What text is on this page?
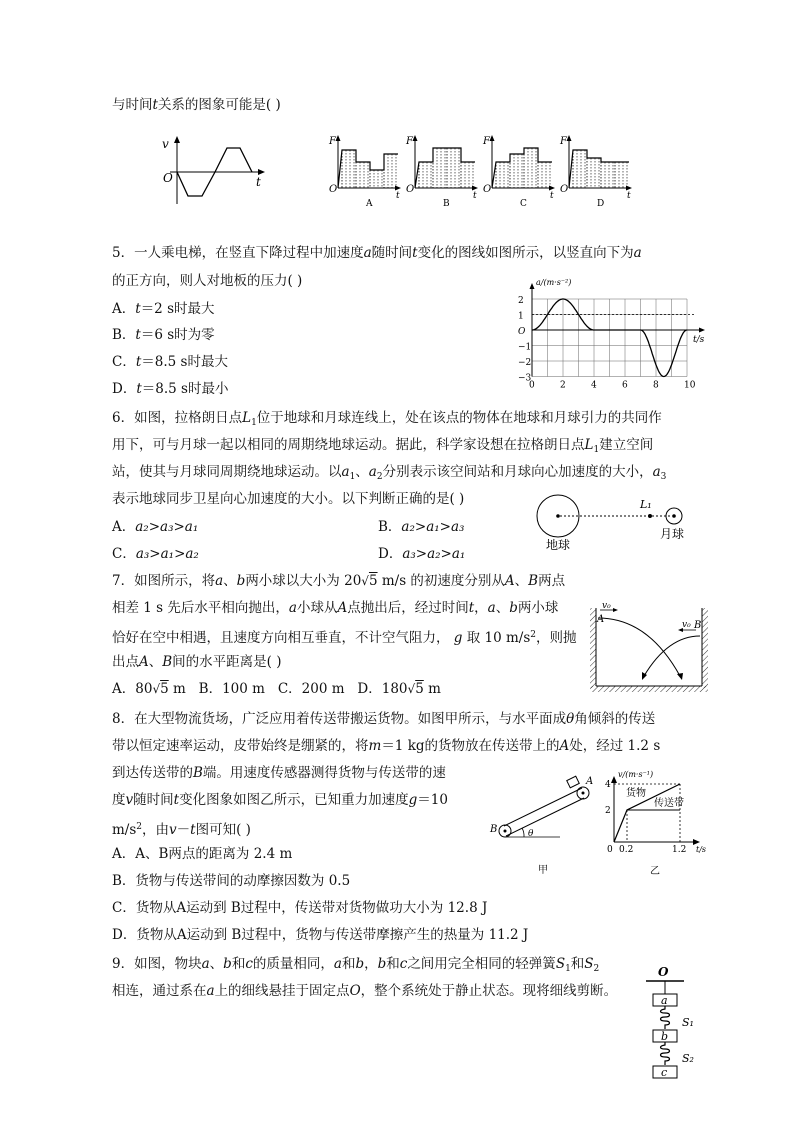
与时间t关系的图象可能是( )
v
O	t
F
O
t
A
F
O
t
B
F
O
t
C
F
O
t
D
5．一人乘电梯，在竖直下降过程中加速度a随时间t变化的图线如图所示，以竖直向下为a
的正方向，则人对地板的压力( )
A．t＝2 s时最大
B．t＝6 s时为零
C．t＝8.5 s时最大
D．t＝8.5 s时最小
2
1
O
−1
−2
−3
0	2	4	6	8	10
a/(m·s⁻²)
t/s
6．如图，拉格朗日点$L_1$位于地球和月球连线上，处在该点的物体在地球和月球引力的共同作
用下，可与月球一起以相同的周期绕地球运动。据此，科学家设想在拉格朗日点$L_1$建立空间
站，使其与月球同周期绕地球运动。以$a_1$、$a_2$分别表示该空间站和月球向心加速度的大小，$a_3$
表示地球同步卫星向心加速度的大小。以下判断正确的是( )
A．a₂>a₃>a₁	B．a₂>a₁>a₃
C．a₃>a₁>a₂	D．a₃>a₂>a₁
L₁
地球
月球
7．如图所示，将a、b两小球以大小为 20√5 m/s 的初速度分别从A、B两点
相差 1 s 先后水平相向抛出，a小球从A点抛出后，经过时间t，a、b两小球
恰好在空中相遇，且速度方向相互垂直，不计空气阻力， g 取 10 $m/s^2$，则抛
出点A、B间的水平距离是( )
A．80√5 m B．100 m C．200 m D．180√5 m
v₀
A	v₀ B
8．在大型物流货场，广泛应用着传送带搬运货物。如图甲所示，与水平面成θ角倾斜的传送
带以恒定速率运动，皮带始终是绷紧的，将m＝1 kg的货物放在传送带上的A处，经过 1.2 s
到达传送带的B端。用速度传感器测得货物与传送带的速
度v随时间t变化图象如图乙所示，已知重力加速度g＝10
$m/s^2$，由v－t图可知( )
A．A、B两点的距离为 2.4 m
B．货物与传送带间的动摩擦因数为 0.5
C．货物从A运动到 B过程中，传送带对货物做功大小为 12.8 J
D．货物从A运动到 B过程中，货物与传送带摩擦产生的热量为 11.2 J
θ
B
A
甲
v/(m·s⁻¹)
4
2
0 0.2	1.2 t/s
货物
传送带
乙
9．如图，物块a、b和c的质量相同，a和b，b和c之间用完全相同的轻弹簧$S_1$和$S_2$
相连，通过系在a上的细线悬挂于固定点O，整个系统处于静止状态。现将细线剪断。
O
a
S₁
b
S₂
c
